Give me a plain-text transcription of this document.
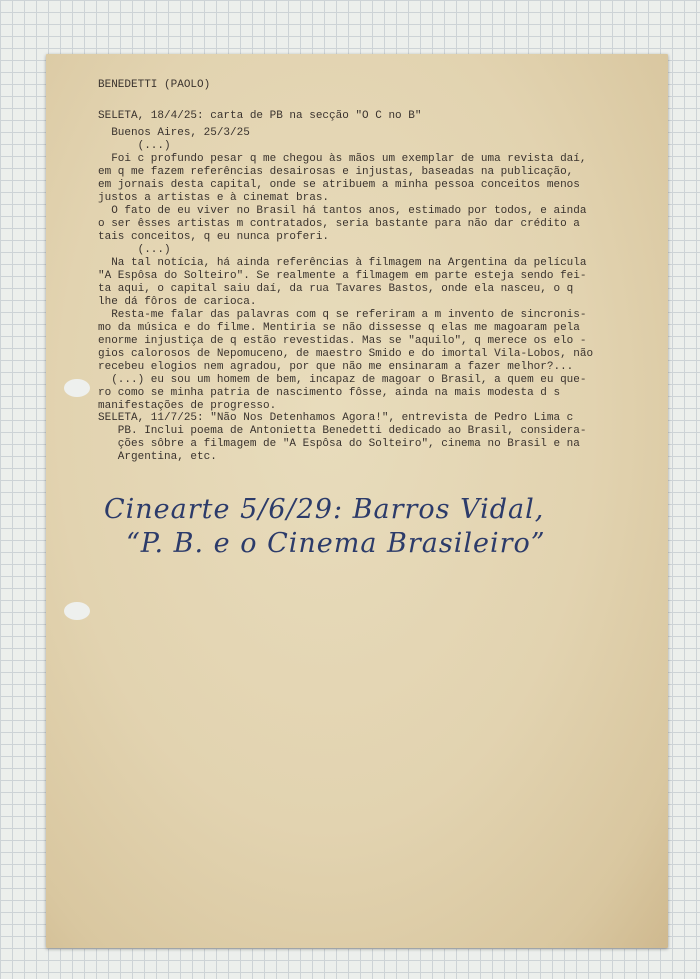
BENEDETTI (PAOLO)
SELETA, 18/4/25: carta de PB na secção "O C no B"
Buenos Aires, 25/3/25
(...)
Foi c profundo pesar q me chegou às mãos um exemplar de uma revista daí,
em q me fazem referências desairosas e injustas, baseadas na publicação,
em jornais desta capital, onde se atribuem a minha pessoa conceitos menos
justos a artistas e à cinemat bras.
O fato de eu viver no Brasil há tantos anos, estimado por todos, e ainda
o ser êsses artistas m contratados, seria bastante para não dar crédito a
tais conceitos, q eu nunca proferi.
(...)
Na tal notícia, há ainda referências à filmagem na Argentina da película
"A Espôsa do Solteiro". Se realmente a filmagem em parte esteja sendo fei-
ta aqui, o capital saiu daí, da rua Tavares Bastos, onde ela nasceu, o q
lhe dá fôros de carioca.
Resta-me falar das palavras com q se referiram a m invento de sincronis-
mo da música e do filme. Mentiria se não dissesse q elas me magoaram pela
enorme injustiça de q estão revestidas. Mas se "aquilo", q merece os elo -
gios calorosos de Nepomuceno, de maestro Smido e do imortal Vila-Lobos, não
recebeu elogios nem agradou, por que não me ensinaram a fazer melhor?...
(...) eu sou um homem de bem, incapaz de magoar o Brasil, a quem eu que-
ro como se minha patria de nascimento fôsse, ainda na mais modesta d s
manifestações de progresso.
SELETA, 11/7/25: "Não Nos Detenhamos Agora!", entrevista de Pedro Lima c
PB. Inclui poema de Antonietta Benedetti dedicado ao Brasil, considera-
ções sôbre a filmagem de "A Espôsa do Solteiro", cinema no Brasil e na
Argentina, etc.
Cinearte 5/6/29: Barros Vidal,
“P. B. e o Cinema Brasileiro”
